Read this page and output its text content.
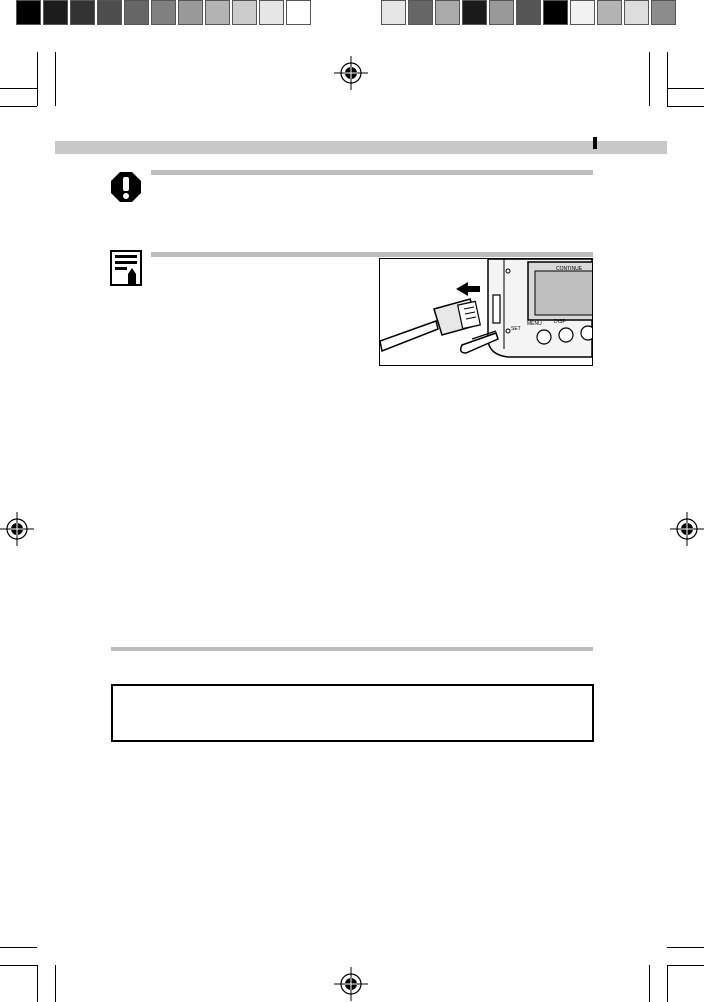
CONTINUE
SET
MENU DISP
